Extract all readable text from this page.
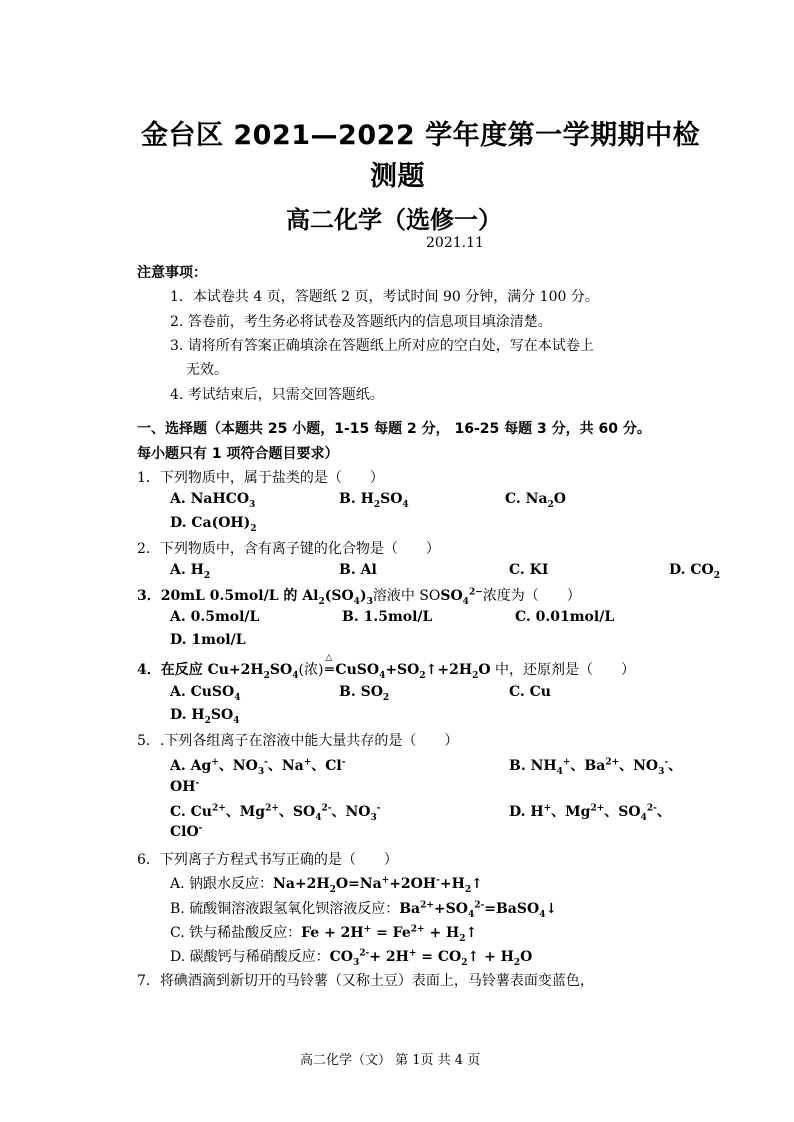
金台区 2021—2022 学年度第一学期期中检
测题
高二化学（选修一）
2021.11
注意事项：
1．本试卷共 4 页，答题纸 2 页，考试时间 90 分钟，满分 100 分。
2. 答卷前，考生务必将试卷及答题纸内的信息项目填涂清楚。
3. 请将所有答案正确填涂在答题纸上所对应的空白处，写在本试卷上
无效。
4. 考试结束后，只需交回答题纸。
一、选择题（本题共 25 小题，1-15 每题 2 分， 16-25 每题 3 分，共 60 分。
每小题只有 1 项符合题目要求）
1．下列物质中，属于盐类的是（　　）
A. NaHCO$_3$	B. $H_2SO_4$	C. $Na_2O$
D. $Ca(OH)_2$
2．下列物质中，含有离子键的化合物是（　　）
A. $H_2$	B. Al	C. KI	D. $CO_2$
3．20mL 0.5mol/L 的 $Al_2(SO_4)_3$溶液中 $SOSO_4^{2-}$浓度为（　　）
A. 0.5mol/L	B. 1.5mol/L	C. 0.01mol/L
D. 1mol/L
4．在反应 $Cu+2H_2SO_4$(浓)
△
═ $CuSO_4+SO_2↑+2H_2O$ 中，还原剂是（　　）
A. CuSO$_4$	B. $SO_2$	C. Cu
D. $H_2SO_4$
5．.下列各组离子在溶液中能大量共存的是（　　）
A. Ag+、$NO_3^-$、Na+、Cl-	B. $NH_4^+$、$Ba^{2+}$、$NO_3^-$、
OH-
C. $Cu^{2+}$、$Mg^{2+}$、$SO_4^{2-}$、$NO_3^-$	D. H+、$Mg^{2+}$、$SO_4^{2-}$、
ClO-
6．下列离子方程式书写正确的是（　　）
A. 钠跟水反应：$Na+2H_2O=Na^++2OH^-+H_2↑$
B. 硫酸铜溶液跟氢氧化钡溶液反应：$Ba^{2+}+SO_4^{2-}=BaSO_4↓$
C. 铁与稀盐酸反应：$Fe + 2H^+ = Fe^{2+}$ + $H_2↑$
D. 碳酸钙与稀硝酸反应：$CO_3^{2-}+ 2H^+$ = $CO_2↑ + H_2O$
7．将碘酒滴到新切开的马铃薯（又称土豆）表面上，马铃薯表面变蓝色，
高二化学（文） 第 1页 共 4 页
